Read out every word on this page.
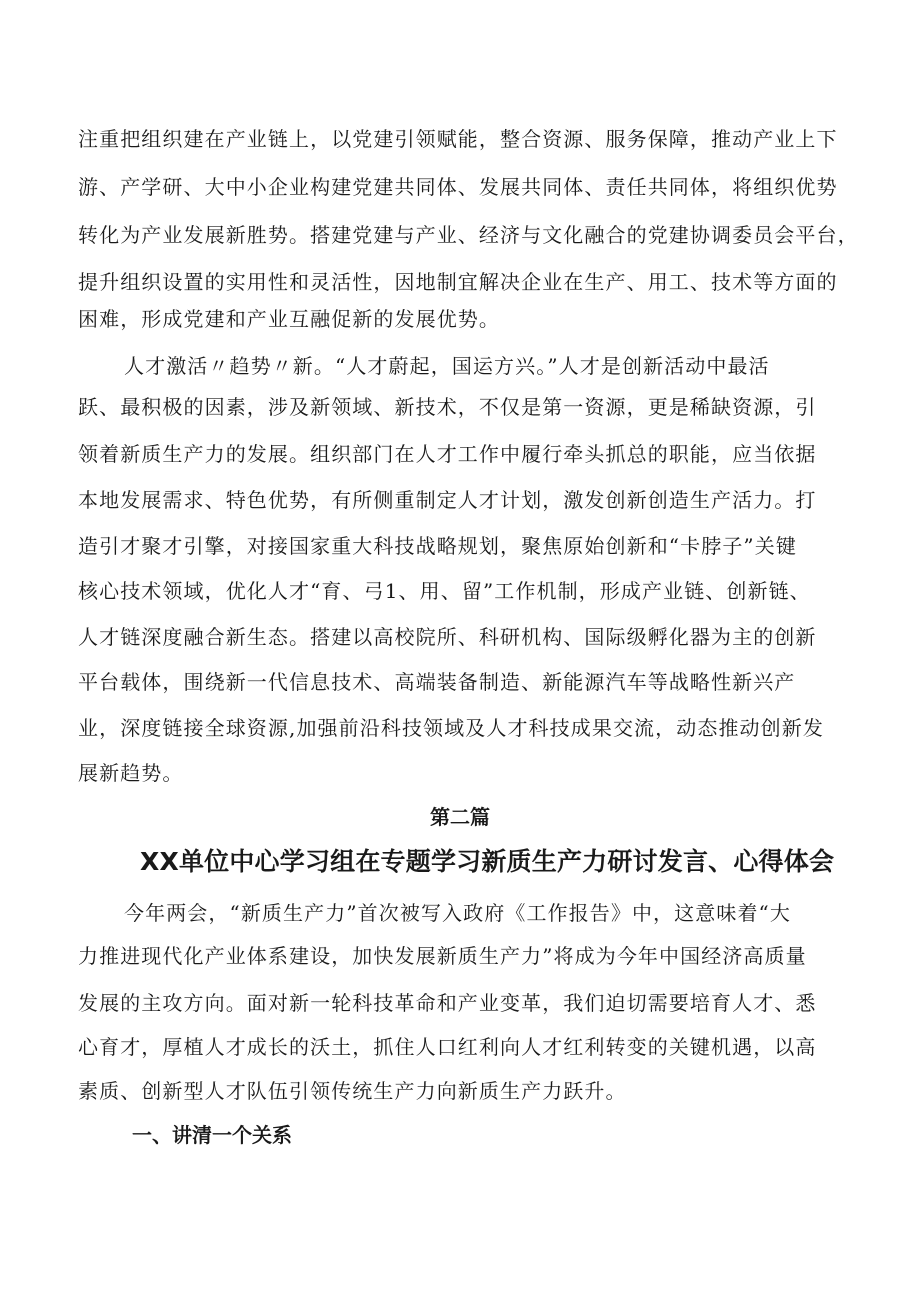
注重把组织建在产业链上，以党建引领赋能，整合资源、服务保障，推动产业上下
游、产学研、大中小企业构建党建共同体、发展共同体、责任共同体，将组织优势
转化为产业发展新胜势。搭建党建与产业、经济与文化融合的党建协调委员会平台，
提升组织设置的实用性和灵活性，因地制宜解决企业在生产、用工、技术等方面的
困难，形成党建和产业互融促新的发展优势。
人才激活〃趋势〃新。“人才蔚起，国运方兴。”人才是创新活动中最活
跃、最积极的因素，涉及新领域、新技术，不仅是第一资源，更是稀缺资源，引
领着新质生产力的发展。组织部门在人才工作中履行牵头抓总的职能，应当依据
本地发展需求、特色优势，有所侧重制定人才计划，激发创新创造生产活力。打
造引才聚才引擎，对接国家重大科技战略规划，聚焦原始创新和“卡脖子”关键
核心技术领域，优化人才“育、弓1、用、留”工作机制，形成产业链、创新链、
人才链深度融合新生态。搭建以高校院所、科研机构、国际级孵化器为主的创新
平台载体，围绕新一代信息技术、高端装备制造、新能源汽车等战略性新兴产
业，深度链接全球资源,加强前沿科技领域及人才科技成果交流，动态推动创新发
展新趋势。
第二篇
XX单位中心学习组在专题学习新质生产力研讨发言、心得体会
今年两会，“新质生产力”首次被写入政府《工作报告》中，这意味着“大
力推进现代化产业体系建设，加快发展新质生产力”将成为今年中国经济高质量
发展的主攻方向。面对新一轮科技革命和产业变革，我们迫切需要培育人才、悉
心育才，厚植人才成长的沃土，抓住人口红利向人才红利转变的关键机遇，以高
素质、创新型人才队伍引领传统生产力向新质生产力跃升。
一、讲清一个关系
